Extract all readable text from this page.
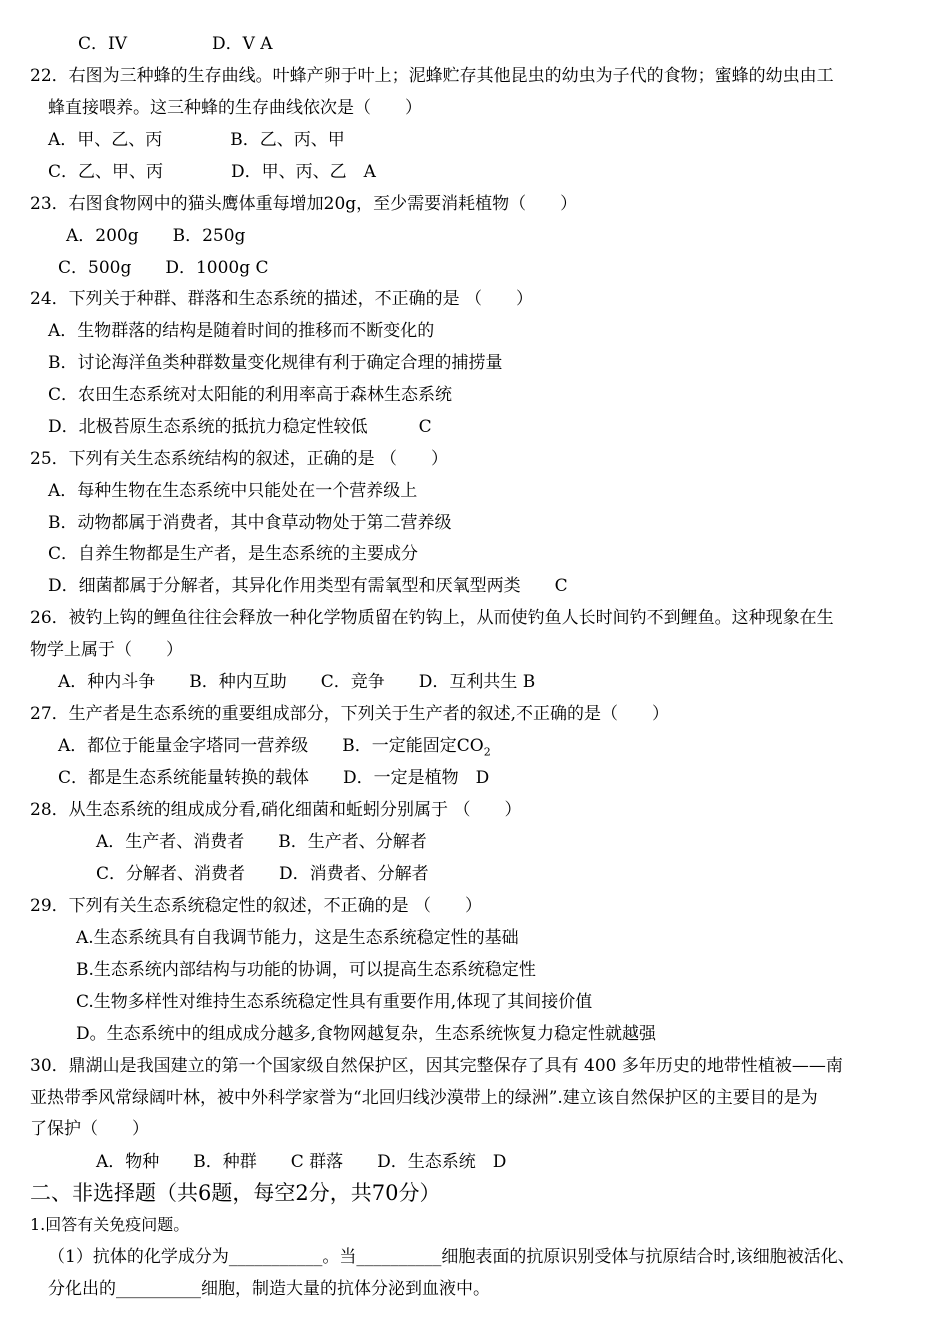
C．IV　　　　　D．V A
22．右图为三种蜂的生存曲线。叶蜂产卵于叶上；泥蜂贮存其他昆虫的幼虫为子代的食物；蜜蜂的幼虫由工
蜂直接喂养。这三种蜂的生存曲线依次是（　　）
A．甲、乙、丙　　　　B．乙、丙、甲
C．乙、甲、丙　　　　D．甲、丙、乙　A
23．右图食物网中的猫头鹰体重每增加20g，至少需要消耗植物（　　）
A．200g　　B．250g
C．500g　　D．1000g C
24．下列关于种群、群落和生态系统的描述，不正确的是 （　　）
A．生物群落的结构是随着时间的推移而不断变化的
B．讨论海洋鱼类种群数量变化规律有利于确定合理的捕捞量
C．农田生态系统对太阳能的利用率高于森林生态系统
D．北极苔原生态系统的抵抗力稳定性较低　　　C
25．下列有关生态系统结构的叙述，正确的是 （　　）
A．每种生物在生态系统中只能处在一个营养级上
B．动物都属于消费者，其中食草动物处于第二营养级
C．自养生物都是生产者，是生态系统的主要成分
D．细菌都属于分解者，其异化作用类型有需氧型和厌氧型两类　　C
26．被钓上钩的鲤鱼往往会释放一种化学物质留在钓钩上，从而使钓鱼人长时间钓不到鲤鱼。这种现象在生
物学上属于（　　）
A．种内斗争　　B．种内互助　　C．竞争　　D．互利共生 B
27．生产者是生态系统的重要组成部分，下列关于生产者的叙述,不正确的是（　　）
A．都位于能量金字塔同一营养级　　B．一定能固定$CO_2$
C．都是生态系统能量转换的载体　　D．一定是植物　D
28．从生态系统的组成成分看,硝化细菌和蚯蚓分别属于 （　　）
A．生产者、消费者　　B．生产者、分解者
C．分解者、消费者　　D．消费者、分解者
29．下列有关生态系统稳定性的叙述，不正确的是 （　　）
A.生态系统具有自我调节能力，这是生态系统稳定性的基础
B.生态系统内部结构与功能的协调，可以提高生态系统稳定性
C.生物多样性对维持生态系统稳定性具有重要作用,体现了其间接价值
D。生态系统中的组成成分越多,食物网越复杂，生态系统恢复力稳定性就越强
30．鼎湖山是我国建立的第一个国家级自然保护区，因其完整保存了具有 400 多年历史的地带性植被——南
亚热带季风常绿阔叶林，被中外科学家誉为“北回归线沙漠带上的绿洲”.建立该自然保护区的主要目的是为
了保护（　　）
A．物种　　B．种群　　C 群落　　D．生态系统　D
二、非选择题（共6题，每空2分，共70分）
1.回答有关免疫问题。
（1）抗体的化学成分为___________。当__________细胞表面的抗原识别受体与抗原结合时,该细胞被活化、
分化出的__________细胞，制造大量的抗体分泌到血液中。
